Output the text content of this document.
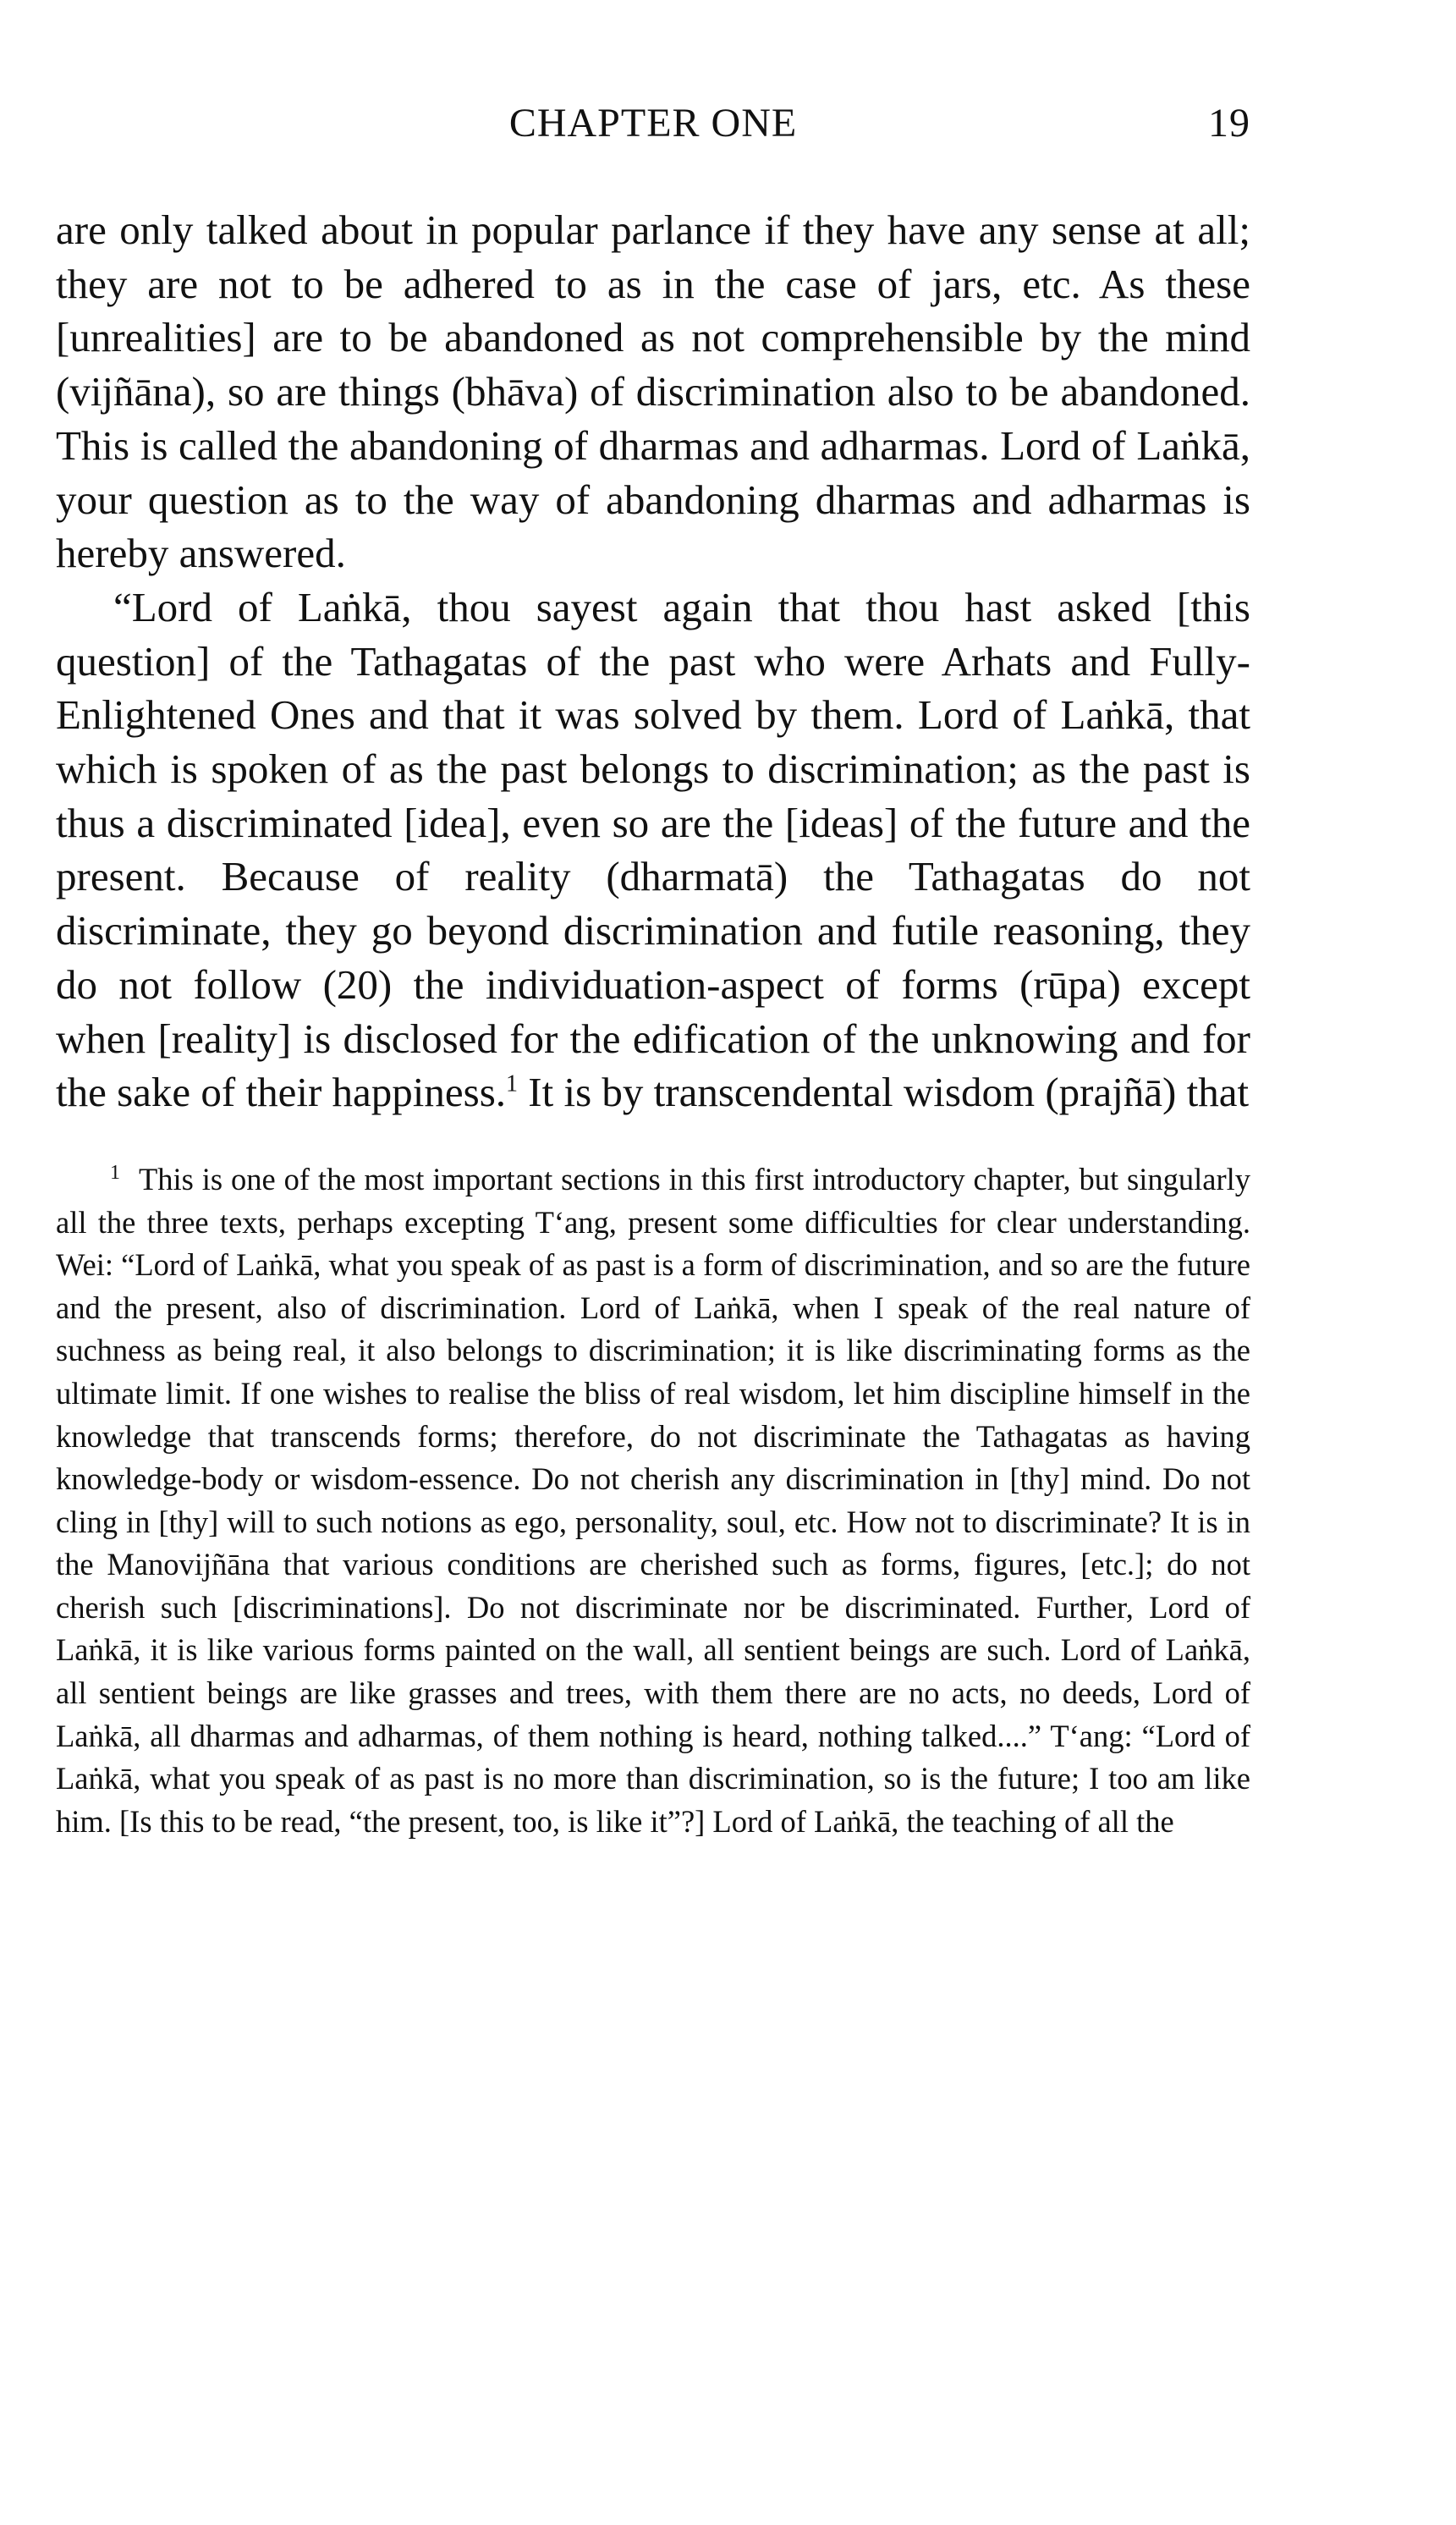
CHAPTER ONE	19

are only talked about in popular parlance if they have any sense at all; they are not to be adhered to as in the case of jars, etc. As these [unrealities] are to be abandoned as not comprehensible by the mind (vijñāna), so are things (bhāva) of discrimination also to be abandoned. This is called the abandoning of dharmas and adharmas. Lord of Laṅkā, your question as to the way of abandoning dharmas and adharmas is hereby answered.

“Lord of Laṅkā, thou sayest again that thou hast asked [this question] of the Tathagatas of the past who were Arhats and Fully-Enlightened Ones and that it was solved by them. Lord of Laṅkā, that which is spoken of as the past belongs to discrimination; as the past is thus a discriminated [idea], even so are the [ideas] of the future and the present. Because of reality (dharmatā) the Tathagatas do not discriminate, they go beyond discrimination and futile reasoning, they do not follow (20) the individuation-aspect of forms (rūpa) except when [reality] is disclosed for the edification of the unknowing and for the sake of their happiness.$^1$ It is by transcendental wisdom (prajñā) that

$^1$ This is one of the most important sections in this first introductory chapter, but singularly all the three texts, perhaps excepting T‘ang, present some difficulties for clear understanding. Wei: “Lord of Laṅkā, what you speak of as past is a form of discrimination, and so are the future and the present, also of discrimination. Lord of Laṅkā, when I speak of the real nature of suchness as being real, it also belongs to discrimination; it is like discriminating forms as the ultimate limit. If one wishes to realise the bliss of real wisdom, let him discipline himself in the knowledge that transcends forms; therefore, do not discriminate the Tathagatas as having knowledge-body or wisdom-essence. Do not cherish any discrimination in [thy] mind. Do not cling in [thy] will to such notions as ego, personality, soul, etc. How not to discriminate? It is in the Manovijñāna that various conditions are cherished such as forms, figures, [etc.]; do not cherish such [discriminations]. Do not discriminate nor be discriminated. Further, Lord of Laṅkā, it is like various forms painted on the wall, all sentient beings are such. Lord of Laṅkā, all sentient beings are like grasses and trees, with them there are no acts, no deeds, Lord of Laṅkā, all dharmas and adharmas, of them nothing is heard, nothing talked....” T‘ang: “Lord of Laṅkā, what you speak of as past is no more than discrimination, so is the future; I too am like him. [Is this to be read, “the present, too, is like it”?] Lord of Laṅkā, the teaching of all the
